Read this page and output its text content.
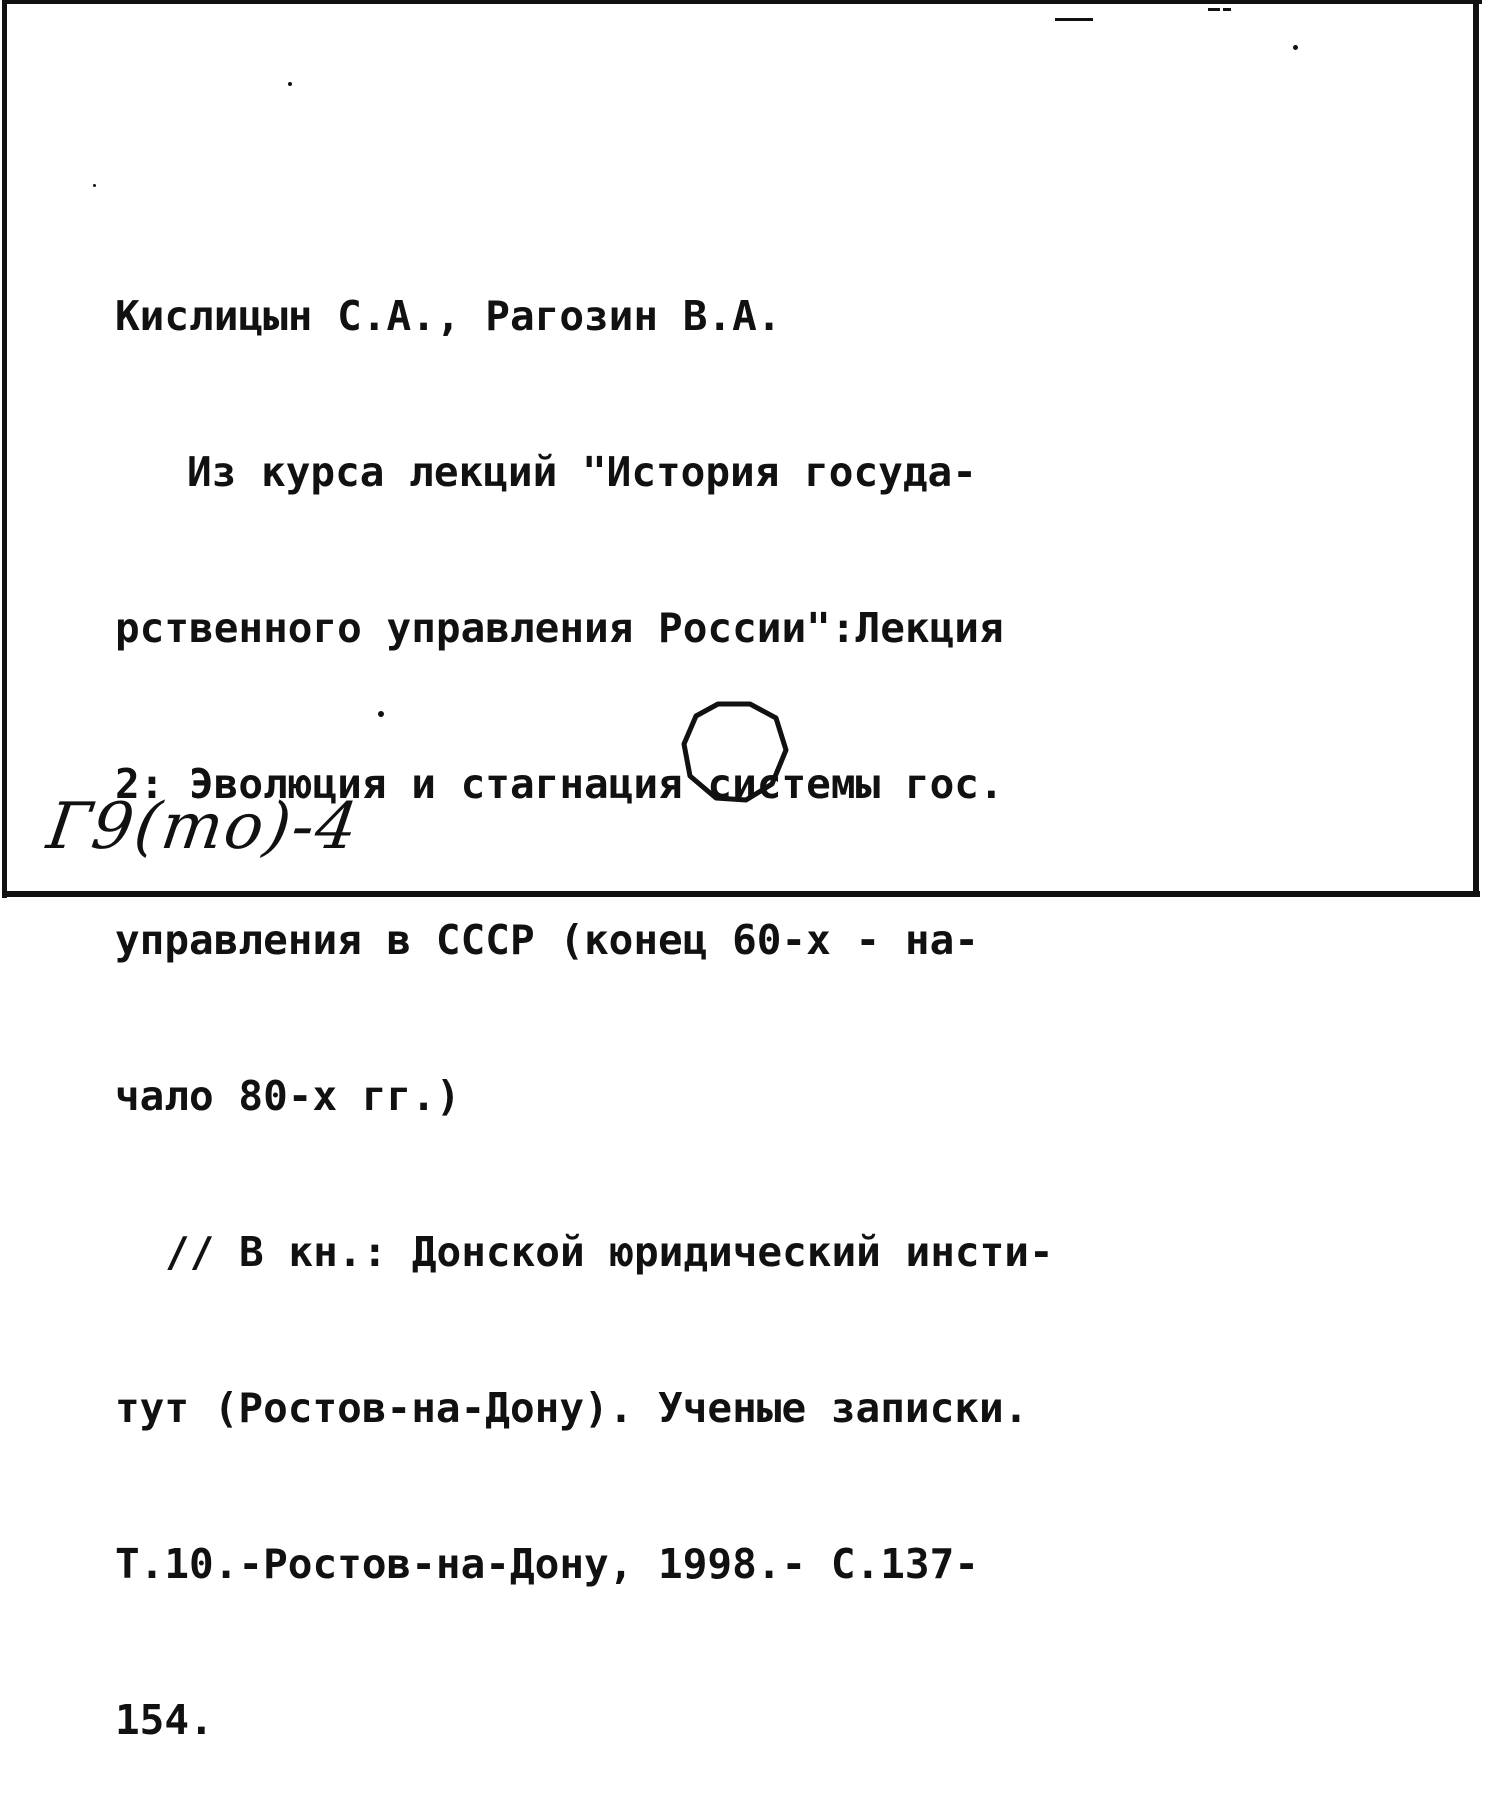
Кислицын С.А., Рагозин В.А.

Из курса лекций "История госуда-

рственного управления России":Лекция

2: Эволюция и стагнация системы гос.

управления в СССР (конец 60-х - на-

чало 80-х гг.)

// В кн.: Донской юридический инсти-

тут (Ростов-на-Дону). Ученые записки.

Т.10.-Ростов-на-Дону, 1998.- С.137-

154.

Г9(то)-4
